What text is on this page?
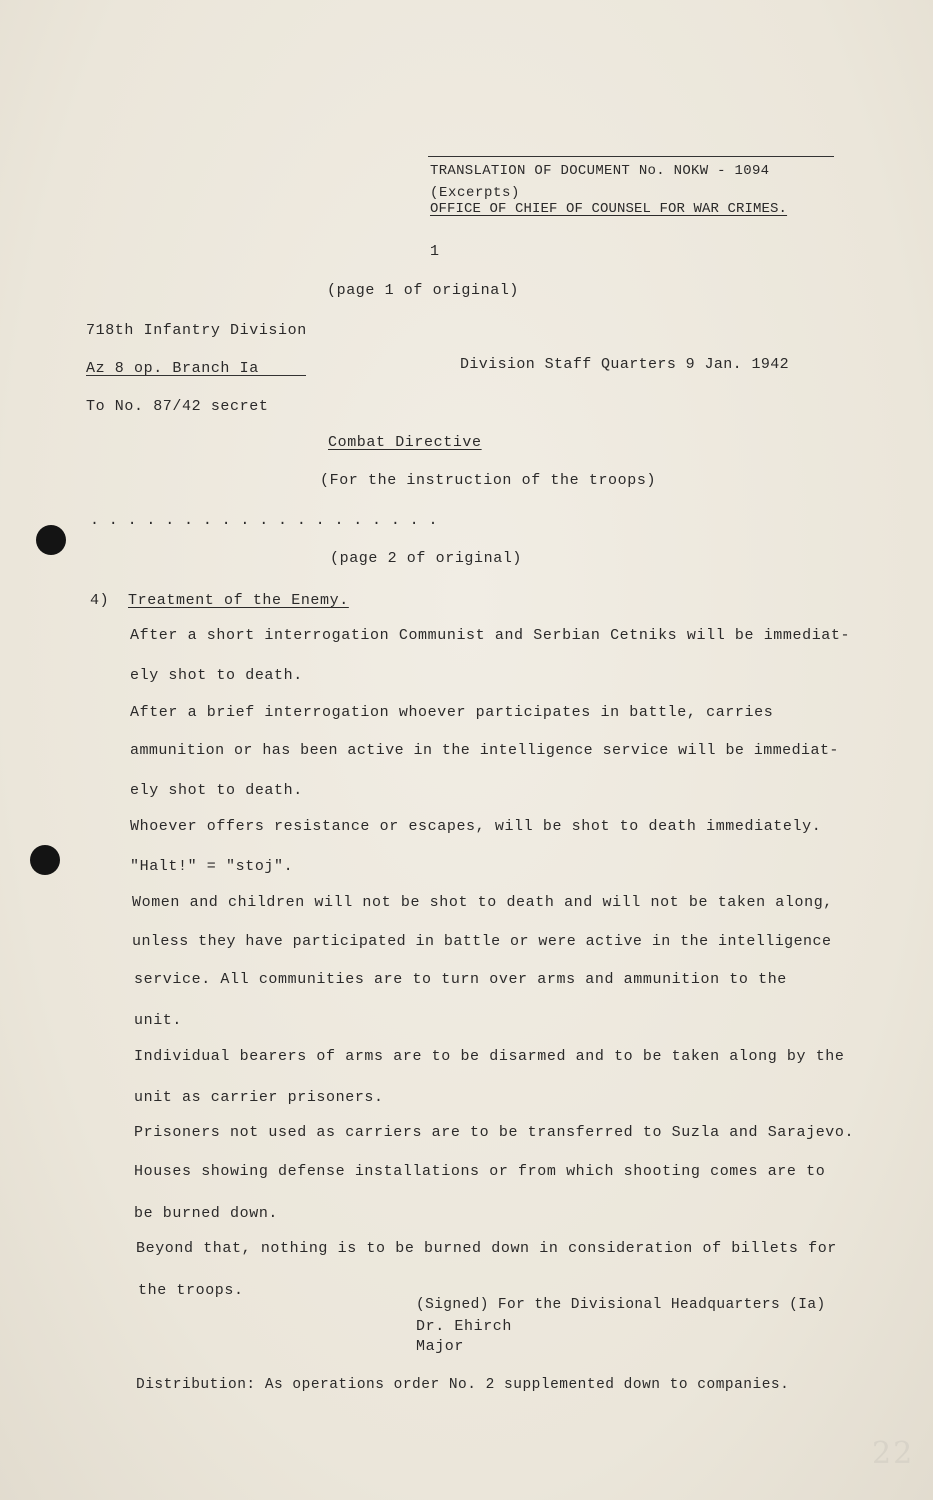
TRANSLATION OF DOCUMENT No. NOKW - 1094
(Excerpts)
OFFICE OF CHIEF OF COUNSEL FOR WAR CRIMES.
1
(page 1 of original)
718th Infantry Division
Az 8 op. Branch Ia	Division Staff Quarters 9 Jan. 1942
To No. 87/42 secret
Combat Directive
(For the instruction of the troops)
. . . . . . . . . . . . . . . . . . .
(page 2 of original)
4) Treatment of the Enemy.
After a short interrogation Communist and Serbian Cetniks will be immediat-
ely shot to death.
After a brief interrogation whoever participates in battle, carries
ammunition or has been active in the intelligence service will be immediat-
ely shot to death.
Whoever offers resistance or escapes, will be shot to death immediately.
"Halt!" = "stoj".
Women and children will not be shot to death and will not be taken along,
unless they have participated in battle or were active in the intelligence
service. All communities are to turn over arms and ammunition to the
unit.
Individual bearers of arms are to be disarmed and to be taken along by the
unit as carrier prisoners.
Prisoners not used as carriers are to be transferred to Suzla and Sarajevo.
Houses showing defense installations or from which shooting comes are to
be burned down.
Beyond that, nothing is to be burned down in consideration of billets for
the troops.
(Signed) For the Divisional Headquarters (Ia)
Dr. Ehirch
Major
Distribution: As operations order No. 2 supplemented down to companies.
22
